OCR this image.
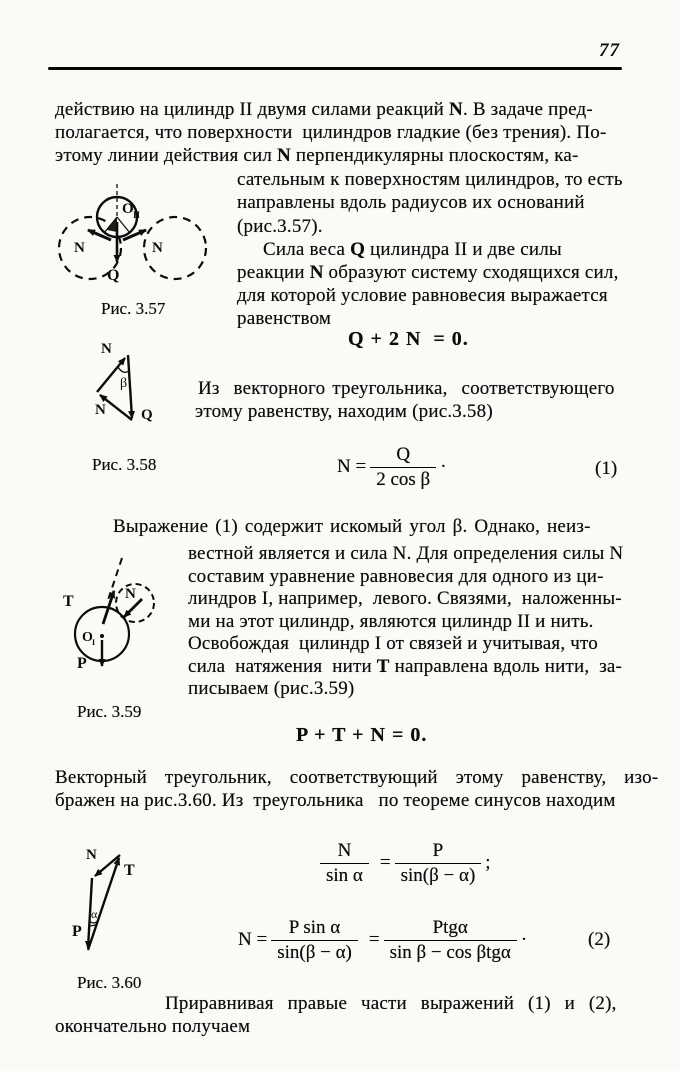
77
действию на цилиндр II двумя силами реакций N. В задаче пред-
полагается, что поверхности  цилиндров гладкие (без трения). По-
этому линии действия сил N перпендикулярны плоскостям, ка-
N	N
Q
O II
Рис. 3.57
сательным к поверхностям цилиндров, то есть
направлены вдоль радиусов их оснований
(рис.3.57).
Сила веса Q цилиндра II и две силы
реакции N образуют систему сходящихся сил,
для которой условие равновесия выражается
равенством
Q + 2 N  = 0.
N
β
N Q
Рис. 3.58
Из  векторного треугольника,  соответствующего
этому равенству, находим (рис.3.58)
$N = \frac{Q}{\text{2 cos β}}$ ·	(1)
Выражение (1) содержит искомый угол β. Однако, неиз-
T	N
P
O I
Рис. 3.59
вестной является и сила N. Для определения силы N
составим уравнение равновесия для одного из ци-
линдров I, например,  левого. Связями,  наложенны-
ми на этот цилиндр, являются цилиндр II и нить.
Освобождая  цилиндр I от связей и учитывая, что
сила  натяжения  нити T направлена вдоль нити,  за-
писываем (рис.3.59)
P + T + N = 0.
Векторный  треугольник,  соответствующий  этому  равенству,  изо-
бражен на рис.3.60. Из  треугольника   по теореме синусов находим
N
T
P
α
Рис. 3.60
$\frac{N}{\text{sin α}} = \frac{P}{\sin(\beta - \alpha)}$ ;
$N = \frac{\text{P sin α}}{\sin(\beta - \alpha)} = \frac{\text{Ptgα}}{\text{sin β − cos βtgα}}$ ·	(2)
Приравнивая  правые  части  выражений  (1)  и  (2),
окончательно получаем
